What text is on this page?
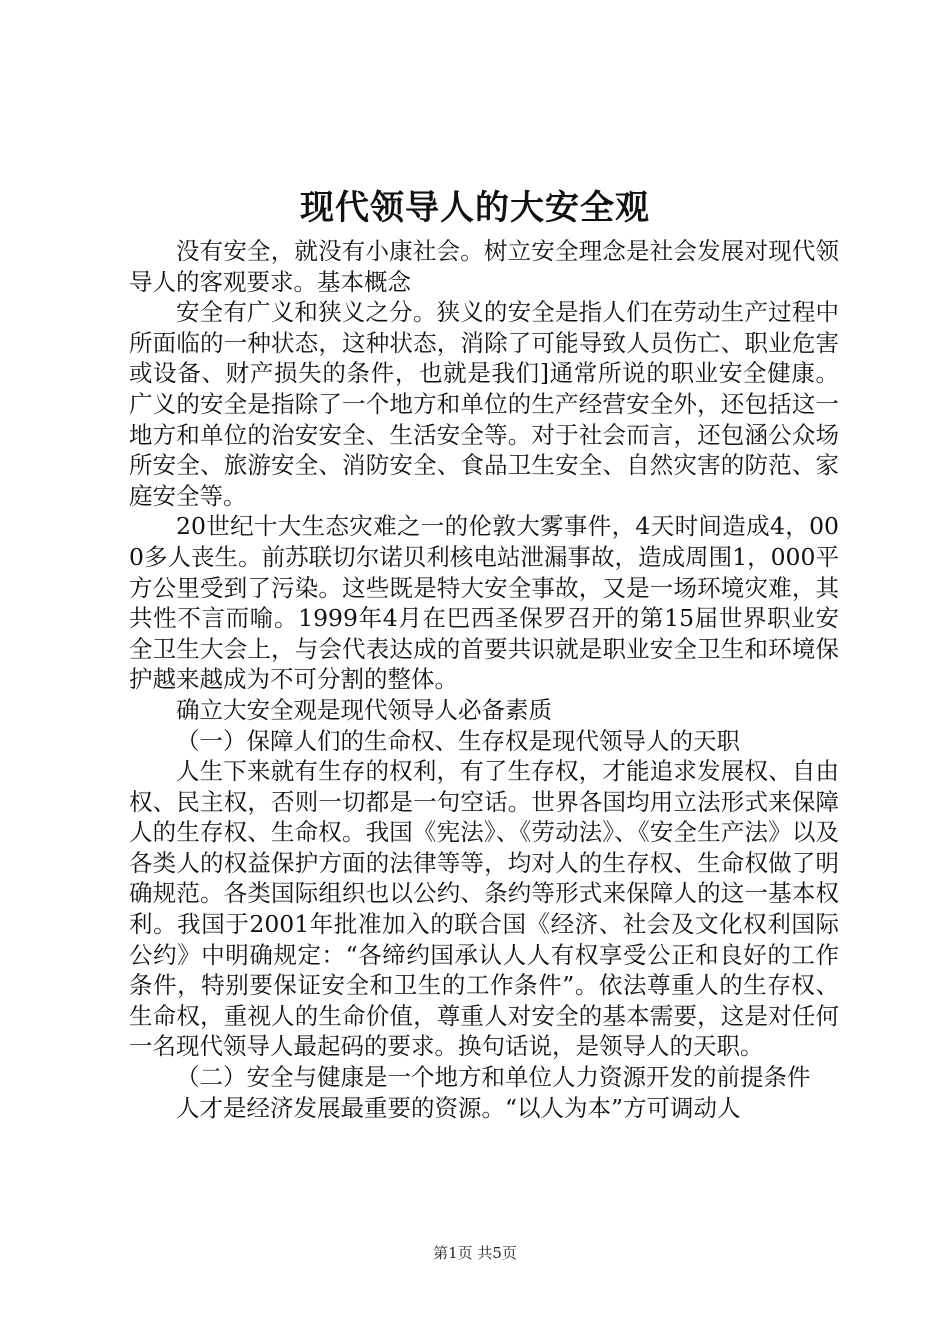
现代领导人的大安全观

没有安全，就没有小康社会。树立安全理念是社会发展对现代领导人的客观要求。基本概念

安全有广义和狭义之分。狭义的安全是指人们在劳动生产过程中所面临的一种状态，这种状态，消除了可能导致人员伤亡、职业危害或设备、财产损失的条件，也就是我们]通常所说的职业安全健康。广义的安全是指除了一个地方和单位的生产经营安全外，还包括这一地方和单位的治安安全、生活安全等。对于社会而言，还包涵公众场所安全、旅游安全、消防安全、食品卫生安全、自然灾害的防范、家庭安全等。

20世纪十大生态灾难之一的伦敦大雾事件，4天时间造成4，000多人丧生。前苏联切尔诺贝利核电站泄漏事故，造成周围1，000平方公里受到了污染。这些既是特大安全事故，又是一场环境灾难，其共性不言而喻。1999年4月在巴西圣保罗召开的第15届世界职业安全卫生大会上，与会代表达成的首要共识就是职业安全卫生和环境保护越来越成为不可分割的整体。

确立大安全观是现代领导人必备素质

（一）保障人们的生命权、生存权是现代领导人的天职

人生下来就有生存的权利，有了生存权，才能追求发展权、自由权、民主权，否则一切都是一句空话。世界各国均用立法形式来保障人的生存权、生命权。我国《宪法》、《劳动法》、《安全生产法》以及各类人的权益保护方面的法律等等，均对人的生存权、生命权做了明确规范。各类国际组织也以公约、条约等形式来保障人的这一基本权利。我国于2001年批准加入的联合国《经济、社会及文化权利国际公约》中明确规定：“各缔约国承认人人有权享受公正和良好的工作条件，特别要保证安全和卫生的工作条件”。依法尊重人的生存权、生命权，重视人的生命价值，尊重人对安全的基本需要，这是对任何一名现代领导人最起码的要求。换句话说，是领导人的天职。

（二）安全与健康是一个地方和单位人力资源开发的前提条件

人才是经济发展最重要的资源。“以人为本”方可调动人

第1页 共5页
